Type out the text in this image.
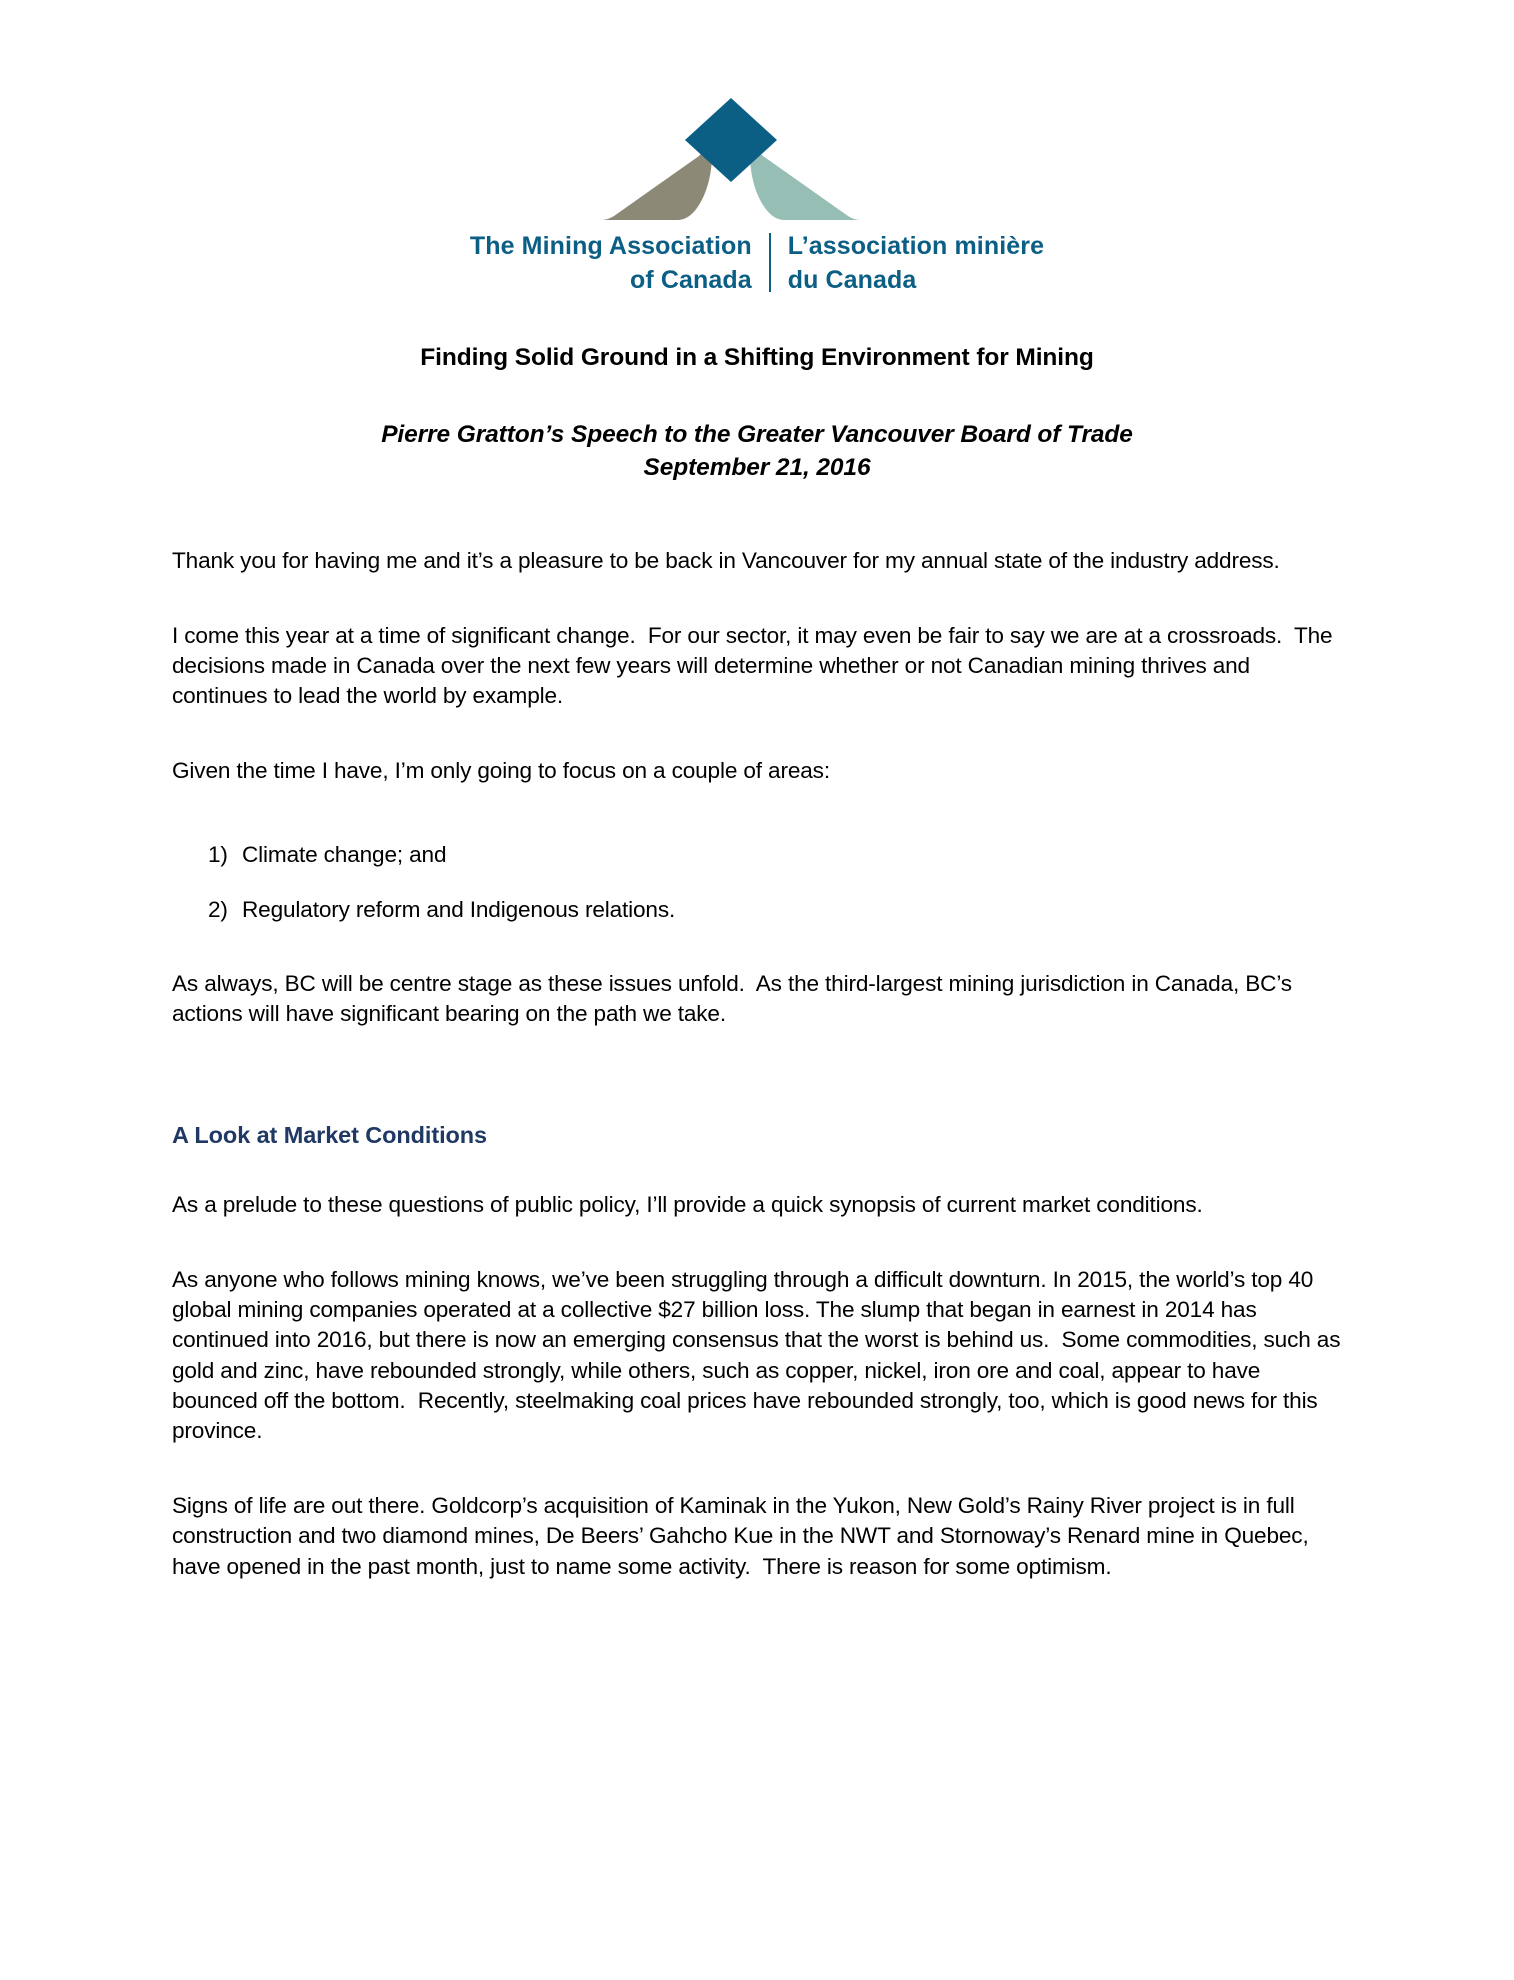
The Mining Association
of Canada
L’association minière
du Canada
Finding Solid Ground in a Shifting Environment for Mining
Pierre Gratton’s Speech to the Greater Vancouver Board of Trade
September 21, 2016

Thank you for having me and it’s a pleasure to be back in Vancouver for my annual state of the industry address.

I come this year at a time of significant change.  For our sector, it may even be fair to say we are at a crossroads.  The decisions made in Canada over the next few years will determine whether or not Canadian mining thrives and continues to lead the world by example.

Given the time I have, I’m only going to focus on a couple of areas:

1) Climate change; and
2) Regulatory reform and Indigenous relations.

As always, BC will be centre stage as these issues unfold.  As the third-largest mining jurisdiction in Canada, BC’s actions will have significant bearing on the path we take.

A Look at Market Conditions

As a prelude to these questions of public policy, I’ll provide a quick synopsis of current market conditions.

As anyone who follows mining knows, we’ve been struggling through a difficult downturn. In 2015, the world’s top 40 global mining companies operated at a collective $27 billion loss. The slump that began in earnest in 2014 has continued into 2016, but there is now an emerging consensus that the worst is behind us.  Some commodities, such as gold and zinc, have rebounded strongly, while others, such as copper, nickel, iron ore and coal, appear to have bounced off the bottom.  Recently, steelmaking coal prices have rebounded strongly, too, which is good news for this province.

Signs of life are out there. Goldcorp’s acquisition of Kaminak in the Yukon, New Gold’s Rainy River project is in full construction and two diamond mines, De Beers’ Gahcho Kue in the NWT and Stornoway’s Renard mine in Quebec, have opened in the past month, just to name some activity.  There is reason for some optimism.
